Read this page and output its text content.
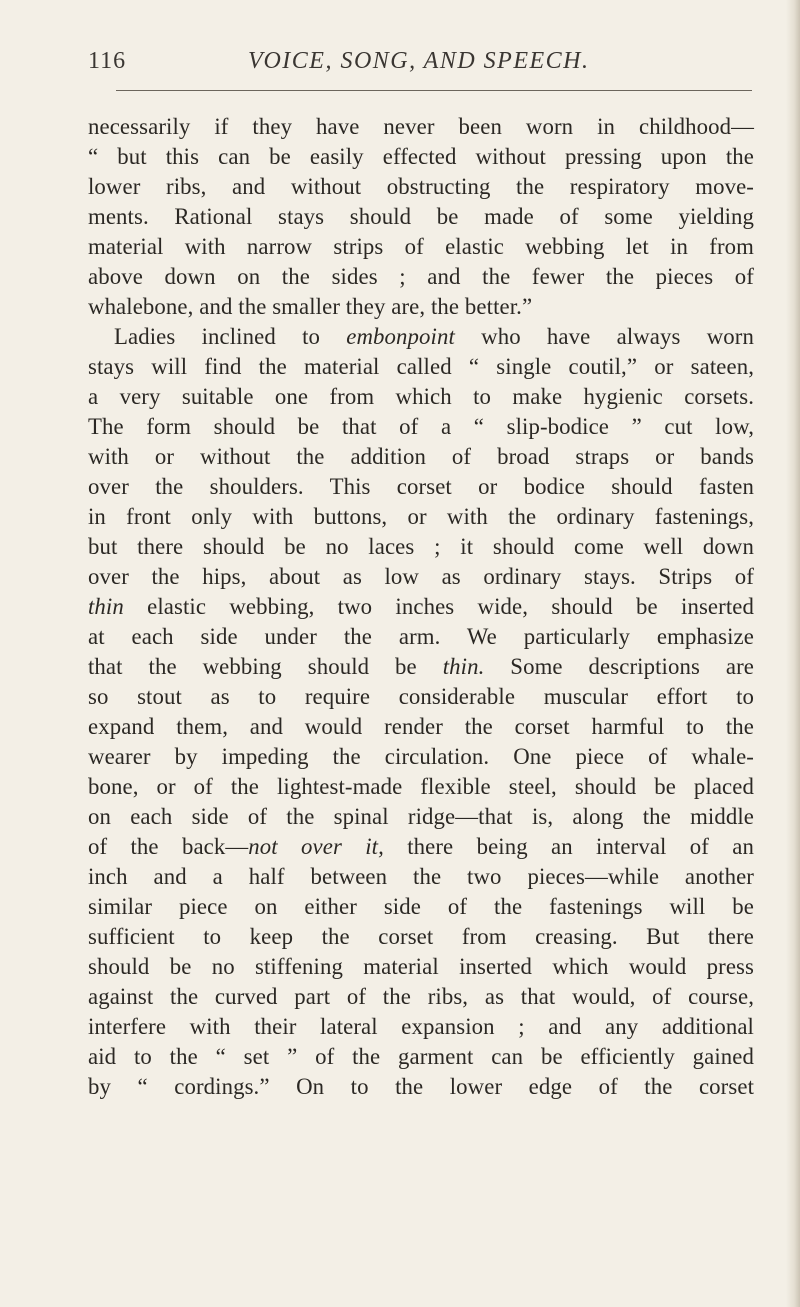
116	VOICE, SONG, AND SPEECH.
necessarily if they have never been worn in childhood—
“ but this can be easily effected without pressing upon the
lower ribs, and without obstructing the respiratory move-
ments. Rational stays should be made of some yielding
material with narrow strips of elastic webbing let in from
above down on the sides ; and the fewer the pieces of
whalebone, and the smaller they are, the better.”
Ladies inclined to embonpoint who have always worn
stays will find the material called “ single coutil,” or sateen,
a very suitable one from which to make hygienic corsets.
The form should be that of a “ slip-bodice ” cut low,
with or without the addition of broad straps or bands
over the shoulders. This corset or bodice should fasten
in front only with buttons, or with the ordinary fastenings,
but there should be no laces ; it should come well down
over the hips, about as low as ordinary stays. Strips of
thin elastic webbing, two inches wide, should be inserted
at each side under the arm. We particularly emphasize
that the webbing should be thin. Some descriptions are
so stout as to require considerable muscular effort to
expand them, and would render the corset harmful to the
wearer by impeding the circulation. One piece of whale-
bone, or of the lightest-made flexible steel, should be placed
on each side of the spinal ridge—that is, along the middle
of the back—not over it, there being an interval of an
inch and a half between the two pieces—while another
similar piece on either side of the fastenings will be
sufficient to keep the corset from creasing. But there
should be no stiffening material inserted which would press
against the curved part of the ribs, as that would, of course,
interfere with their lateral expansion ; and any additional
aid to the “ set ” of the garment can be efficiently gained
by “ cordings.” On to the lower edge of the corset
